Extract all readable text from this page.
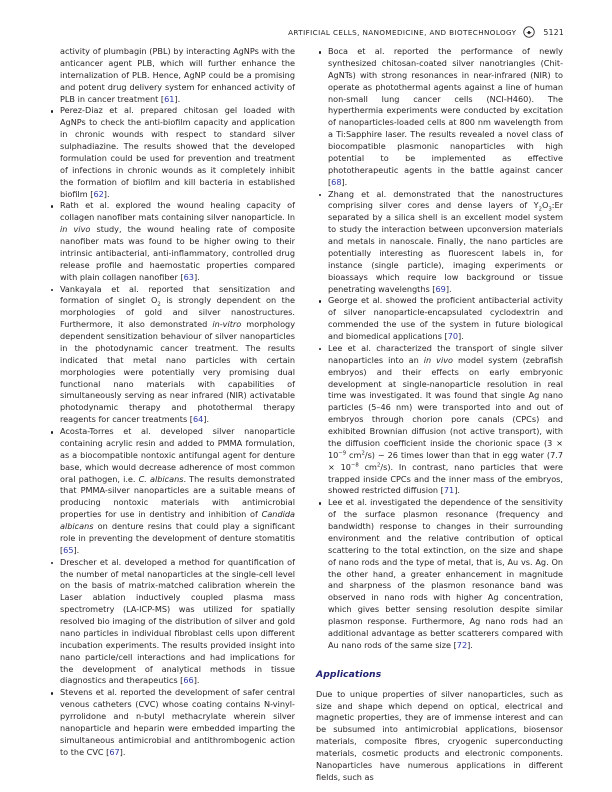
ARTIFICIAL CELLS, NANOMEDICINE, AND BIOTECHNOLOGY	5121
activity of plumbagin (PBL) by interacting AgNPs with the anticancer agent PLB, which will further enhance the internalization of PLB. Hence, AgNP could be a promising and potent drug delivery system for enhanced activity of PLB in cancer treatment [61].
Perez-Diaz et al. prepared chitosan gel loaded with AgNPs to check the anti-biofilm capacity and application in chronic wounds with respect to standard silver sulphadiazine. The results showed that the developed formulation could be used for prevention and treatment of infections in chronic wounds as it completely inhibit the formation of biofilm and kill bacteria in established biofilm [62].
Rath et al. explored the wound healing capacity of collagen nanofiber mats containing silver nanoparticle. In in vivo study, the wound healing rate of composite nanofiber mats was found to be higher owing to their intrinsic antibacterial, anti-inflammatory, controlled drug release profile and haemostatic properties compared with plain collagen nanofiber [63].
Vankayala et al. reported that sensitization and formation of singlet $O_2$ is strongly dependent on the morphologies of gold and silver nanostructures. Furthermore, it also demonstrated in-vitro morphology dependent sensitization behaviour of silver nanoparticles in the photodynamic cancer treatment. The results indicated that metal nano particles with certain morphologies were potentially very promising dual functional nano materials with capabilities of simultaneously serving as near infrared (NIR) activatable photodynamic therapy and photothermal therapy reagents for cancer treatments [64].
Acosta-Torres et al. developed silver nanoparticle containing acrylic resin and added to PMMA formulation, as a biocompatible nontoxic antifungal agent for denture base, which would decrease adherence of most common oral pathogen, i.e. C. albicans. The results demonstrated that PMMA-silver nanoparticles are a suitable means of producing nontoxic materials with antimicrobial properties for use in dentistry and inhibition of Candida albicans on denture resins that could play a significant role in preventing the development of denture stomatitis [65].
Drescher et al. developed a method for quantification of the number of metal nanoparticles at the single-cell level on the basis of matrix-matched calibration wherein the Laser ablation inductively coupled plasma mass spectrometry (LA-ICP-MS) was utilized for spatially resolved bio imaging of the distribution of silver and gold nano particles in individual fibroblast cells upon different incubation experiments. The results provided insight into nano particle/cell interactions and had implications for the development of analytical methods in tissue diagnostics and therapeutics [66].
Stevens et al. reported the development of safer central venous catheters (CVC) whose coating contains N-vinyl-pyrrolidone and n-butyl methacrylate wherein silver nanoparticle and heparin were embedded imparting the simultaneous antimicrobial and antithrombogenic action to the CVC [67].
Boca et al. reported the performance of newly synthesized chitosan-coated silver nanotriangles (Chit-AgNTs) with strong resonances in near-infrared (NIR) to operate as photothermal agents against a line of human non-small lung cancer cells (NCI-H460). The hyperthermia experiments were conducted by excitation of nanoparticles-loaded cells at 800 nm wavelength from a Ti:Sapphire laser. The results revealed a novel class of biocompatible plasmonic nanoparticles with high potential to be implemented as effective phototherapeutic agents in the battle against cancer [68].
Zhang et al. demonstrated that the nanostructures comprising silver cores and dense layers of $Y_2O_3:Er$ separated by a silica shell is an excellent model system to study the interaction between upconversion materials and metals in nanoscale. Finally, the nano particles are potentially interesting as fluorescent labels in, for instance (single particle), imaging experiments or bioassays which require low background or tissue penetrating wavelengths [69].
George et al. showed the proficient antibacterial activity of silver nanoparticle-encapsulated cyclodextrin and commended the use of the system in future biological and biomedical applications [70].
Lee et al. characterized the transport of single silver nanoparticles into an in vivo model system (zebrafish embryos) and their effects on early embryonic development at single-nanoparticle resolution in real time was investigated. It was found that single Ag nano particles (5–46 nm) were transported into and out of embryos through chorion pore canals (CPCs) and exhibited Brownian diffusion (not active transport), with the diffusion coefficient inside the chorionic space ($3 \times 10^{-9}$ $cm^2/s$) ∼ 26 times lower than that in egg water ($7.7 \times 10^{-8}$ $cm^2/s$). In contrast, nano particles that were trapped inside CPCs and the inner mass of the embryos, showed restricted diffusion [71].
Lee et al. investigated the dependence of the sensitivity of the surface plasmon resonance (frequency and bandwidth) response to changes in their surrounding environment and the relative contribution of optical scattering to the total extinction, on the size and shape of nano rods and the type of metal, that is, Au vs. Ag. On the other hand, a greater enhancement in magnitude and sharpness of the plasmon resonance band was observed in nano rods with higher Ag concentration, which gives better sensing resolution despite similar plasmon response. Furthermore, Ag nano rods had an additional advantage as better scatterers compared with Au nano rods of the same size [72].
Applications
Due to unique properties of silver nanoparticles, such as size and shape which depend on optical, electrical and magnetic properties, they are of immense interest and can be subsumed into antimicrobial applications, biosensor materials, composite fibres, cryogenic superconducting materials, cosmetic products and electronic components. Nanoparticles have numerous applications in different fields, such as
